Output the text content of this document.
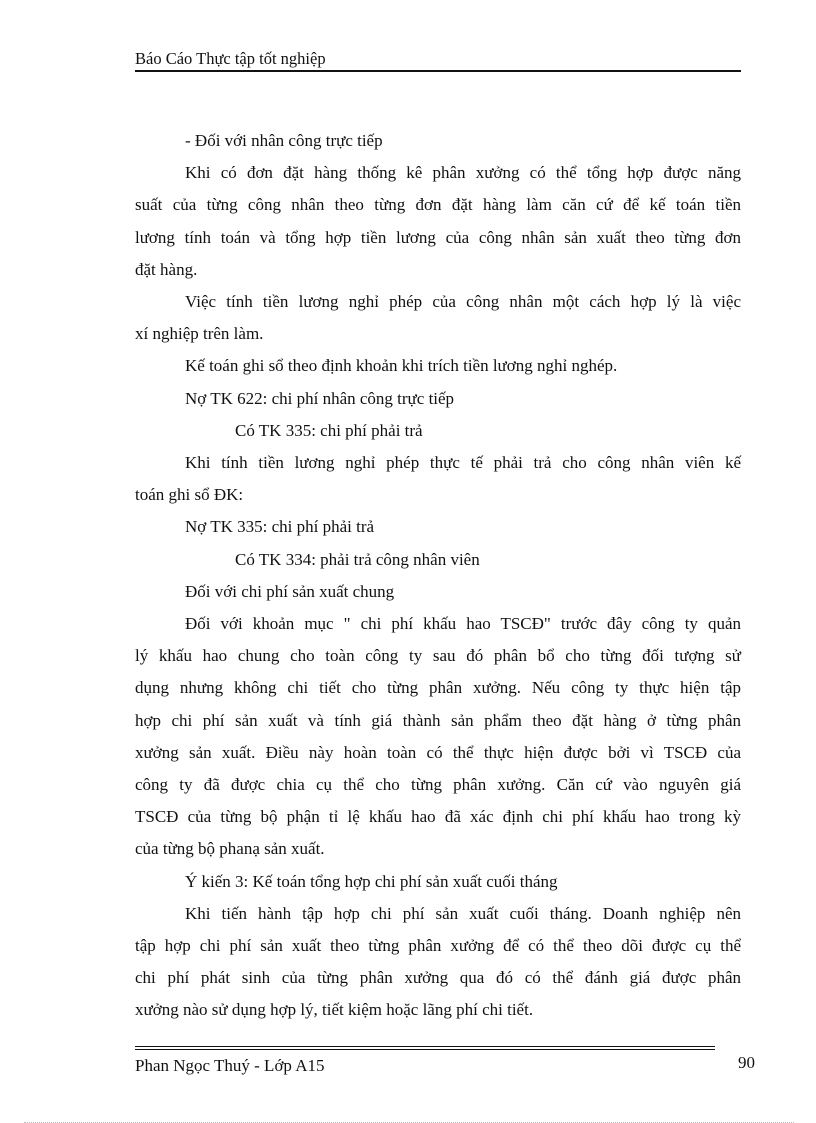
Báo Cáo Thực tập tốt nghiệp

- Đối với nhân công trực tiếp

Khi có đơn đặt hàng thống kê phân xưởng có thể tổng hợp được năng

suất của từng công nhân theo từng đơn đặt hàng làm căn cứ để kế toán tiền

lương tính toán và tổng hợp tiền lương của công nhân sản xuất theo từng đơn

đặt hàng.

Việc tính tiền lương nghỉ phép của công nhân một cách hợp lý là việc

xí nghiệp trên làm.

Kế toán ghi sổ theo định khoản khi trích tiền lương nghỉ nghép.

Nợ TK 622: chi phí nhân công trực tiếp

Có TK 335: chi phí phải trả

Khi tính tiền lương nghỉ phép thực tế phải trả cho công nhân viên kế

toán ghi sổ ĐK:

Nợ TK 335: chi phí phải trả

Có TK 334: phải trả công nhân viên

Đối với chi phí sản xuất chung

Đối với khoản mục " chi phí khấu hao TSCĐ" trước đây công ty quản

lý khấu hao chung cho toàn công ty sau đó phân bổ cho từng đối tượng sử

dụng nhưng không chi tiết cho từng phân xưởng. Nếu công ty thực hiện tập

hợp chi phí sản xuất và tính giá thành sản phẩm theo đặt hàng ở từng phân

xưởng sản xuất. Điều này hoàn toàn có thể thực hiện được bởi vì TSCĐ của

công ty đã được chia cụ thể cho từng phân xưởng. Căn cứ vào nguyên giá

TSCĐ của từng bộ phận tỉ lệ khấu hao đã xác định chi phí khấu hao trong kỳ

của từng bộ phanạ sản xuất.

Ý kiến 3: Kế toán tổng hợp chi phí sản xuất cuối tháng

Khi tiến hành tập hợp chi phí sản xuất cuối tháng. Doanh nghiệp nên

tập hợp chi phí sản xuất theo từng phân xưởng để có thể theo dõi được cụ thể

chi phí phát sinh của từng phân xưởng qua đó có thể đánh giá được phân

xưởng nào sử dụng hợp lý, tiết kiệm hoặc lãng phí chi tiết.

Phan Ngọc Thuý - Lớp A15	90
